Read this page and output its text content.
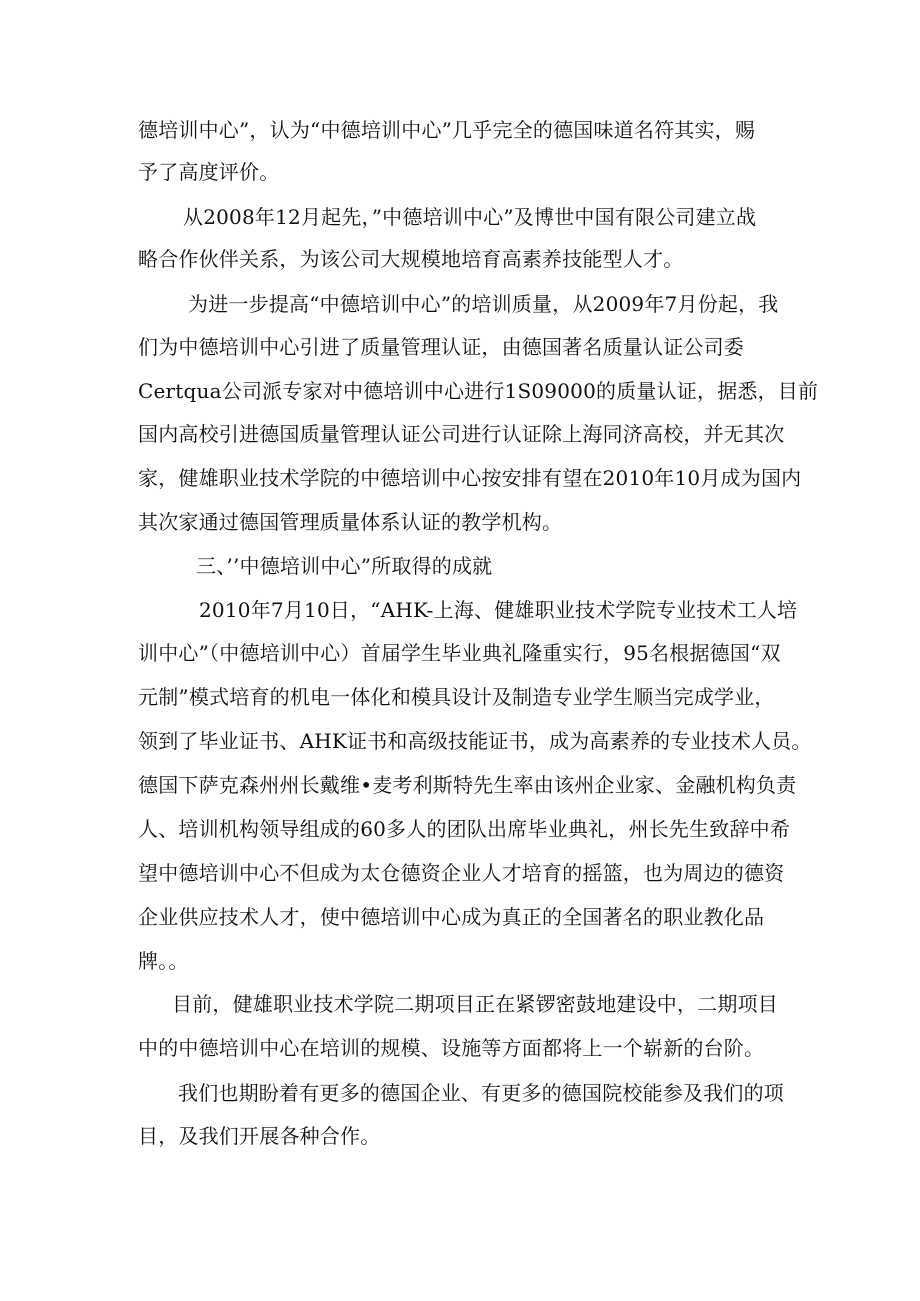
德培训中心”，认为“中德培训中心”几乎完全的德国味道名符其实，赐
予了高度评价。
从2008年12月起先，”中德培训中心”及博世中国有限公司建立战
略合作伙伴关系，为该公司大规模地培育高素养技能型人才。
为进一步提高“中德培训中心”的培训质量，从2009年7月份起，我
们为中德培训中心引进了质量管理认证，由德国著名质量认证公司委
Certqua公司派专家对中德培训中心进行1S09000的质量认证，据悉，目前
国内高校引进德国质量管理认证公司进行认证除上海同济高校，并无其次
家，健雄职业技术学院的中德培训中心按安排有望在2010年10月成为国内
其次家通过德国管理质量体系认证的教学机构。
三、’’中德培训中心”所取得的成就
2010年7月10日，“AHK-上海、健雄职业技术学院专业技术工人培
训中心”（中德培训中心）首届学生毕业典礼隆重实行，95名根据德国“双
元制”模式培育的机电一体化和模具设计及制造专业学生顺当完成学业，
领到了毕业证书、AHK证书和高级技能证书，成为高素养的专业技术人员。
德国下萨克森州州长戴维•麦考利斯特先生率由该州企业家、金融机构负责
人、培训机构领导组成的60多人的团队出席毕业典礼，州长先生致辞中希
望中德培训中心不但成为太仓德资企业人才培育的摇篮，也为周边的德资
企业供应技术人才，使中德培训中心成为真正的全国著名的职业教化品
牌。。
目前，健雄职业技术学院二期项目正在紧锣密鼓地建设中，二期项目
中的中德培训中心在培训的规模、设施等方面都将上一个崭新的台阶。
我们也期盼着有更多的德国企业、有更多的德国院校能参及我们的项
目，及我们开展各种合作。
